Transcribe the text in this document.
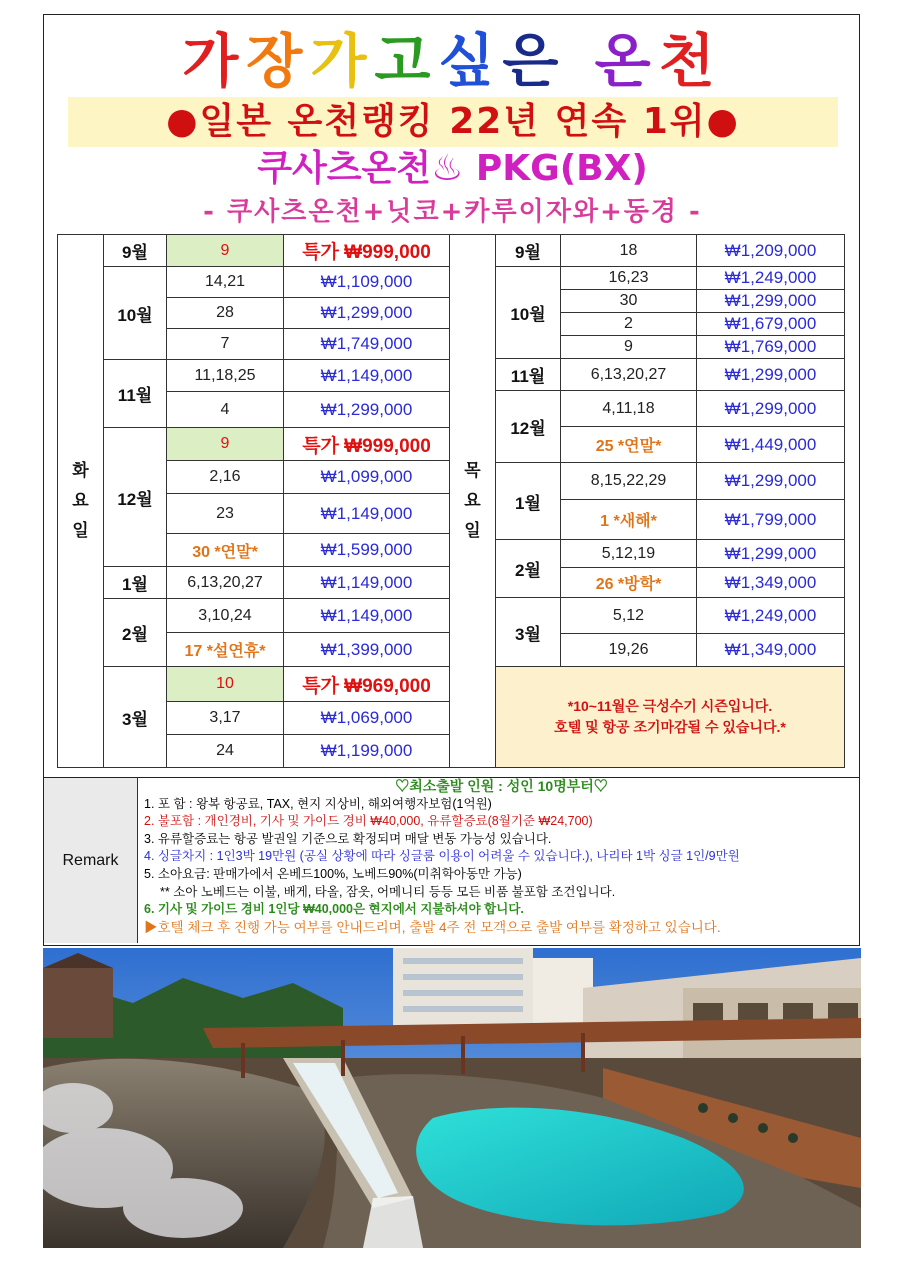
가장가고싶은 온천
●일본 온천랭킹 22년 연속 1위●
쿠사츠온천♨ PKG(BX)
- 쿠사츠온천+닛코+카루이자와+동경 -
화
요
일	9월	9	특가 ₩999,000
	10월	14,21	₩1,109,000
		28	₩1,299,000
		7	₩1,749,000
	11월	11,18,25	₩1,149,000
		4	₩1,299,000
	12월	9	특가 ₩999,000
		2,16	₩1,099,000
		23	₩1,149,000
		30 *연말*	₩1,599,000
	1월	6,13,20,27	₩1,149,000
	2월	3,10,24	₩1,149,000
		17 *설연휴*	₩1,399,000
	3월	10	특가 ₩969,000
		3,17	₩1,069,000
		24	₩1,199,000
목
요
일	9월	18	₩1,209,000
	10월	16,23	₩1,249,000
		30	₩1,299,000
		2	₩1,679,000
		9	₩1,769,000
	11월	6,13,20,27	₩1,299,000
	12월	4,11,18	₩1,299,000
		25 *연말*	₩1,449,000
	1월	8,15,22,29	₩1,299,000
		1 *새해*	₩1,799,000
	2월	5,12,19	₩1,299,000
		26 *방학*	₩1,349,000
	3월	5,12	₩1,249,000
		19,26	₩1,349,000

	*10~11월은 극성수기 시즌입니다.
호텔 및 항공 조기마감될 수 있습니다.*		
Remark
♡최소출발 인원 : 성인 10명부터♡
1. 포 함 : 왕복 항공료, TAX, 현지 지상비, 해외여행자보험(1억원)
2. 불포함 : 개인경비, 기사 및 가이드 경비 ₩40,000, 유류할증료(8월기준 ₩24,700)
3. 유류할증료는 항공 발권일 기준으로 확정되며 매달 변동 가능성 있습니다.
4. 싱글차지 : 1인3박 19만원 (공실 상황에 따라 싱글룸 이용이 어려울 수 있습니다.), 나리타 1박 싱글 1인/9만원
5. 소아요금: 판매가에서 온베드100%, 노베드90%(미취학아동만 가능)
** 소아 노베드는 이불, 배게, 타올, 잠옷, 어메니티 등등 모든 비품 불포함 조건입니다.
6. 기사 및 가이드 경비 1인당 ₩40,000은 현지에서 지불하셔야 합니다.
▶호텔 체크 후 진행 가능 여부를 안내드리며, 출발 4주 전 모객으로 출발 여부를 확정하고 있습니다.
